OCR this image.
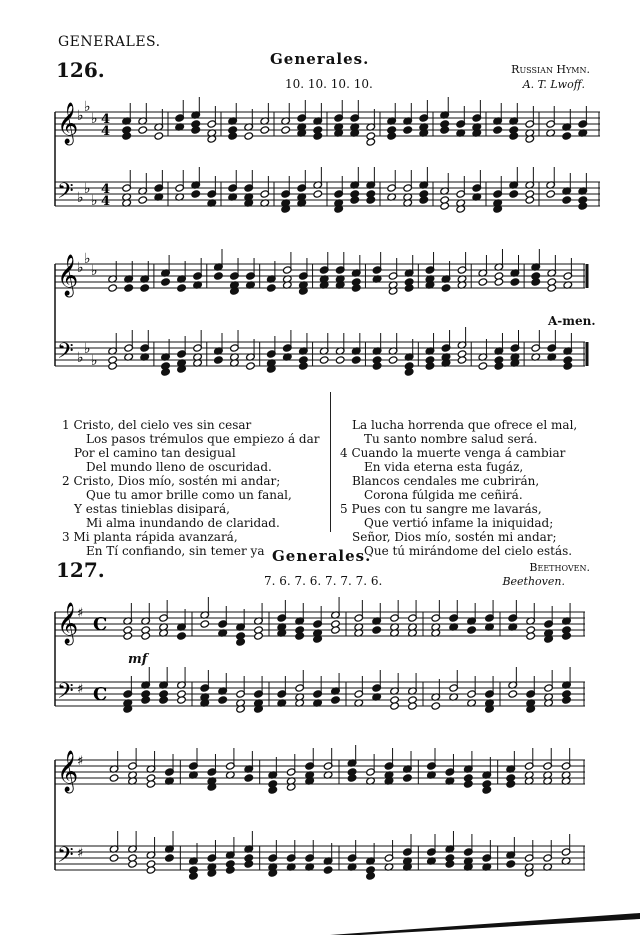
GENERALES.
126.	Generales.
10. 10. 10. 10.
Russian Hymn.
A. T. Lwoff.
𝄞
𝄢
♭
♭
♭
♭
♭
♭
4
4
4
4
𝄞
𝄢
♭
♭
♭
♭
♭
♭
A-men.

1 Cristo, del cielo ves sin cesar
Los pasos trémulos que empiezo á dar
Por el camino tan desigual
Del mundo lleno de oscuridad.
2 Cristo, Dios mío, sostén mi andar;
Que tu amor brille como un fanal,
Y estas tinieblas disipará,
Mi alma inundando de claridad.
3 Mi planta rápida avanzará,
En Tí confiando, sin temer ya

La lucha horrenda que ofrece el mal,
Tu santo nombre salud será.
4 Cuando la muerte venga á cambiar
En vida eterna esta fugáz,
Blancos cendales me cubrirán,
Corona fúlgida me ceñirá.
5 Pues con tu sangre me lavarás,
Que vertió infame la iniquidad;
Señor, Dios mío, sostén mi andar;
Que tú mirándome del cielo estás.

127.
Generales.
7. 6. 7. 6. 7. 7. 7. 6.
Beethoven.
Beethoven.
mf
𝄞
𝄢
♯
♯
C
C
𝄞
𝄢
♯
♯
